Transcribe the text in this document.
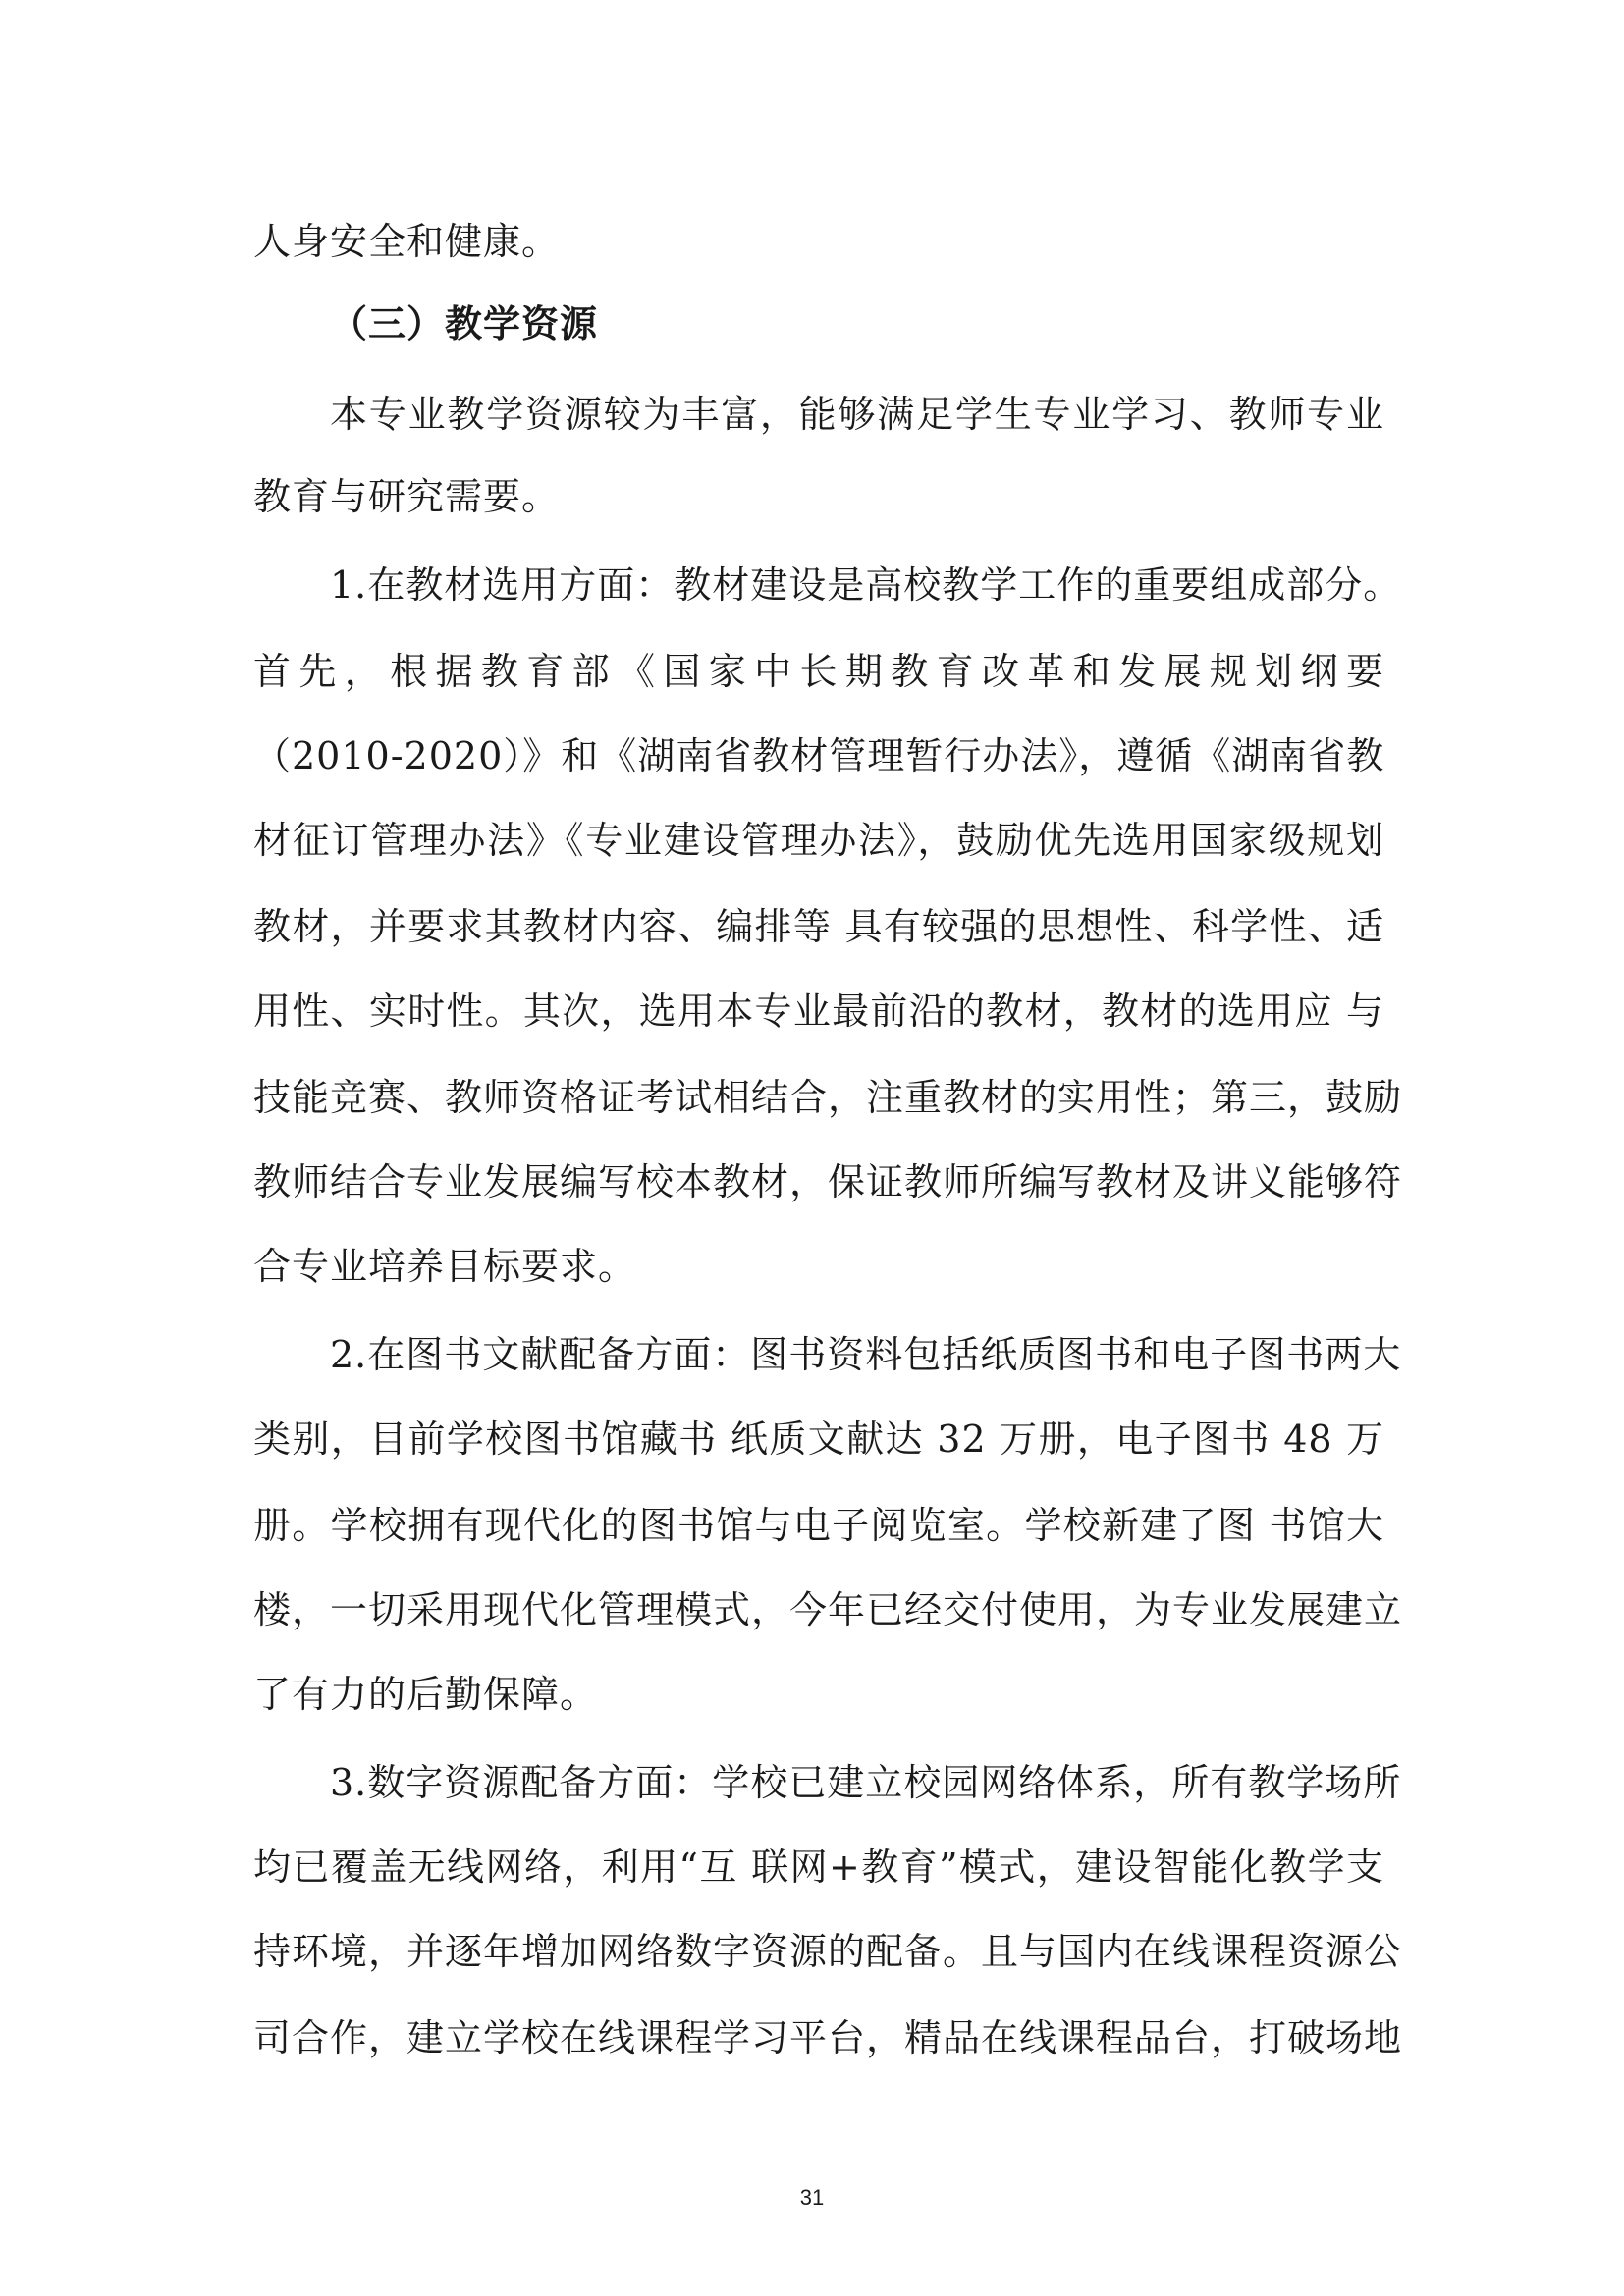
人身安全和健康。
（三）教学资源
本专业教学资源较为丰富，能够满足学生专业学习、教师专业
教育与研究需要。
1.在教材选用方面：教材建设是高校教学工作的重要组成部分。
首先，根据教育部《国家中长期教育改革和发展规划纲要
（2010-2020）》和《湖南省教材管理暂行办法》，遵循《湖南省教
材征订管理办法》《专业建设管理办法》，鼓励优先选用国家级规划
教材，并要求其教材内容、编排等 具有较强的思想性、科学性、适
用性、实时性。其次，选用本专业最前沿的教材，教材的选用应 与
技能竞赛、教师资格证考试相结合，注重教材的实用性；第三，鼓励
教师结合专业发展编写校本教材，保证教师所编写教材及讲义能够符
合专业培养目标要求。
2.在图书文献配备方面：图书资料包括纸质图书和电子图书两大
类别，目前学校图书馆藏书 纸质文献达 32 万册，电子图书 48 万
册。学校拥有现代化的图书馆与电子阅览室。学校新建了图 书馆大
楼，一切采用现代化管理模式，今年已经交付使用，为专业发展建立
了有力的后勤保障。
3.数字资源配备方面：学校已建立校园网络体系，所有教学场所
均已覆盖无线网络，利用“互 联网+教育”模式，建设智能化教学支
持环境，并逐年增加网络数字资源的配备。且与国内在线课程资源公
司合作，建立学校在线课程学习平台，精品在线课程品台，打破场地
31
